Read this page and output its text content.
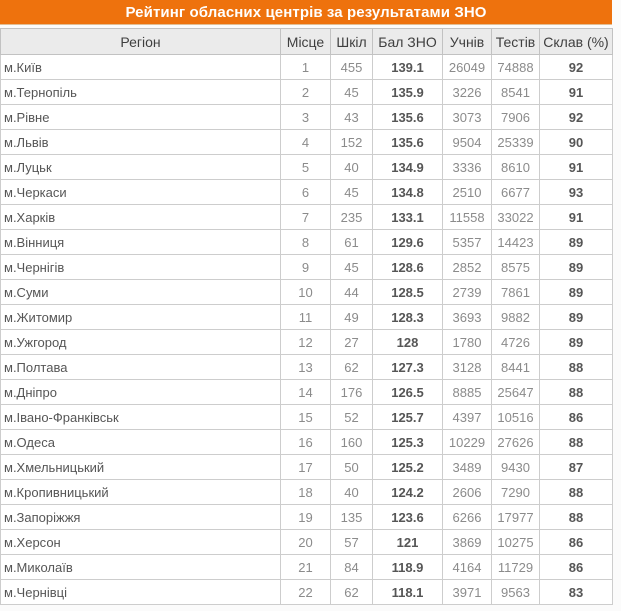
Рейтинг обласних центрів за результатами ЗНО
Регіон	Місце	Шкіл	Бал ЗНО	Учнів	Тестів	Склав (%)
м.Київ	1	455	139.1	26049	74888	92
м.Тернопіль	2	45	135.9	3226	8541	91
м.Рівне	3	43	135.6	3073	7906	92
м.Львів	4	152	135.6	9504	25339	90
м.Луцьк	5	40	134.9	3336	8610	91
м.Черкаси	6	45	134.8	2510	6677	93
м.Харків	7	235	133.1	11558	33022	91
м.Вінниця	8	61	129.6	5357	14423	89
м.Чернігів	9	45	128.6	2852	8575	89
м.Суми	10	44	128.5	2739	7861	89
м.Житомир	11	49	128.3	3693	9882	89
м.Ужгород	12	27	128	1780	4726	89
м.Полтава	13	62	127.3	3128	8441	88
м.Дніпро	14	176	126.5	8885	25647	88
м.Івано-Франківськ	15	52	125.7	4397	10516	86
м.Одеса	16	160	125.3	10229	27626	88
м.Хмельницький	17	50	125.2	3489	9430	87
м.Кропивницький	18	40	124.2	2606	7290	88
м.Запоріжжя	19	135	123.6	6266	17977	88
м.Херсон	20	57	121	3869	10275	86
м.Миколаїв	21	84	118.9	4164	11729	86
м.Чернівці	22	62	118.1	3971	9563	83
